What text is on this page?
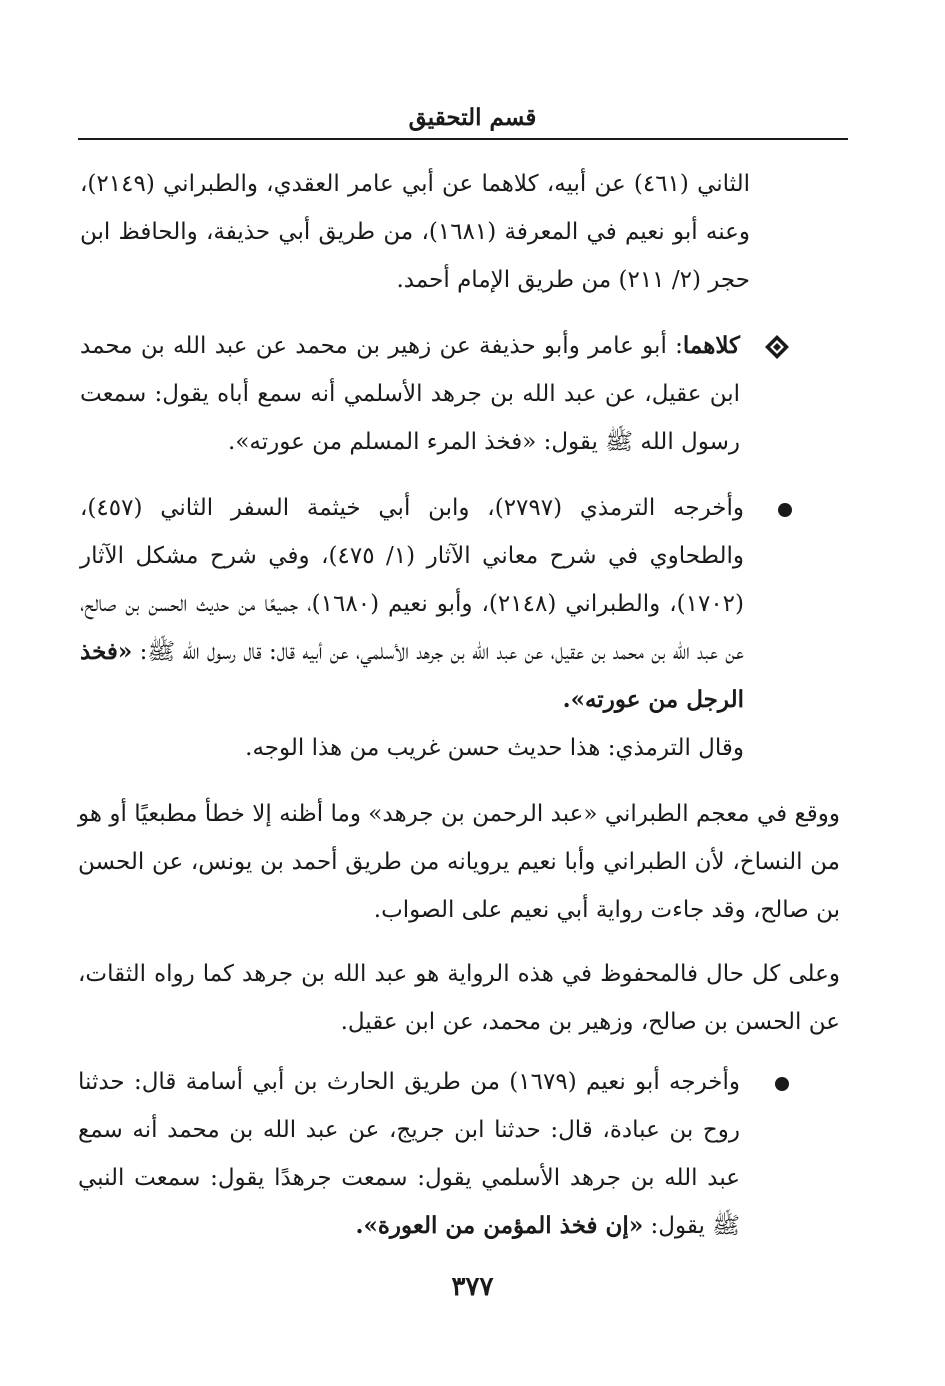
قسم التحقيق
الثاني (٤٦١) عن أبيه، كلاهما عن أبي عامر العقدي، والطبراني (٢١٤٩)، وعنه أبو نعيم في المعرفة (١٦٨١)، من طريق أبي حذيفة، والحافظ ابن حجر (٢/ ٢١١) من طريق الإمام أحمد.
كلاهما: أبو عامر وأبو حذيفة عن زهير بن محمد عن عبد الله بن محمد ابن عقيل، عن عبد الله بن جرهد الأسلمي أنه سمع أباه يقول: سمعت رسول الله ﷺ يقول: «فخذ المرء المسلم من عورته».
وأخرجه الترمذي (٢٧٩٧)، وابن أبي خيثمة السفر الثاني (٤٥٧)، والطحاوي في شرح معاني الآثار (١/ ٤٧٥)، وفي شرح مشكل الآثار (١٧٠٢)، والطبراني (٢١٤٨)، وأبو نعيم (١٦٨٠)، جميعًا من حديث الحسن بن صالح، عن عبد الله بن محمد بن عقيل، عن عبد الله بن جرهد الأسلمي، عن أبيه قال: قال رسول الله ﷺ: «فخذ الرجل من عورته».
وقال الترمذي: هذا حديث حسن غريب من هذا الوجه.
ووقع في معجم الطبراني «عبد الرحمن بن جرهد» وما أظنه إلا خطأ مطبعيًا أو هو من النساخ، لأن الطبراني وأبا نعيم يرويانه من طريق أحمد بن يونس، عن الحسن بن صالح، وقد جاءت رواية أبي نعيم على الصواب.
وعلى كل حال فالمحفوظ في هذه الرواية هو عبد الله بن جرهد كما رواه الثقات، عن الحسن بن صالح، وزهير بن محمد، عن ابن عقيل.
وأخرجه أبو نعيم (١٦٧٩) من طريق الحارث بن أبي أسامة قال: حدثنا روح بن عبادة، قال: حدثنا ابن جريج، عن عبد الله بن محمد أنه سمع عبد الله بن جرهد الأسلمي يقول: سمعت جرهدًا يقول: سمعت النبي ﷺ يقول: «إن فخذ المؤمن من العورة».
٣٧٧
